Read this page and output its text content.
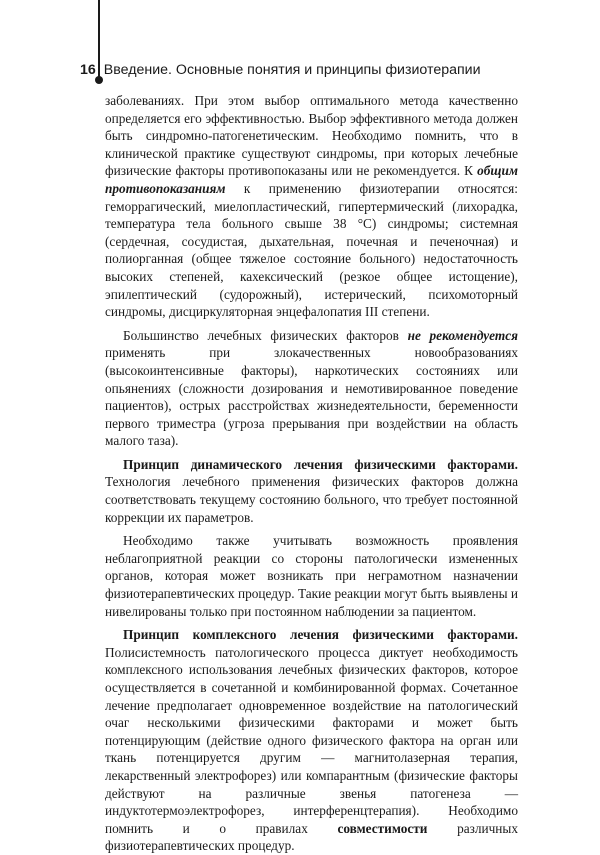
16 Введение. Основные понятия и принципы физиотерапии

заболеваниях. При этом выбор оптимального метода качественно определяется его эффективностью. Выбор эффективного метода должен быть синдромно-патогенетическим. Необходимо помнить, что в клинической практике существуют синдромы, при которых лечебные физические факторы противопоказаны или не рекомендуется. К общим противопоказаниям к применению физиотерапии относятся: геморрагический, миелопластический, гипертермический (лихорадка, температура тела больного свыше 38 °С) синдромы; системная (сердечная, сосудистая, дыхательная, почечная и печеночная) и полиорганная (общее тяжелое состояние больного) недостаточность высоких степеней, кахексический (резкое общее истощение), эпилептический (судорожный), истерический, психомоторный синдромы, дисциркуляторная энцефалопатия III степени.

Большинство лечебных физических факторов не рекомендуется применять при злокачественных новообразованиях (высокоинтенсивные факторы), наркотических состояниях или опьянениях (сложности дозирования и немотивированное поведение пациентов), острых расстройствах жизнедеятельности, беременности первого триместра (угроза прерывания при воздействии на область малого таза).

Принцип динамического лечения физическими факторами. Технология лечебного применения физических факторов должна соответствовать текущему состоянию больного, что требует постоянной коррекции их параметров.

Необходимо также учитывать возможность проявления неблагоприятной реакции со стороны патологически измененных органов, которая может возникать при неграмотном назначении физиотерапевтических процедур. Такие реакции могут быть выявлены и нивелированы только при постоянном наблюдении за пациентом.

Принцип комплексного лечения физическими факторами. Полисистемность патологического процесса диктует необходимость комплексного использования лечебных физических факторов, которое осуществляется в сочетанной и комбинированной формах. Сочетанное лечение предполагает одновременное воздействие на патологический очаг несколькими физическими факторами и может быть потенцирующим (действие одного физического фактора на орган или ткань потенцируется другим — магнитолазерная терапия, лекарственный электрофорез) или компарантным (физические факторы действуют на различные звенья патогенеза — индуктотермоэлектрофорез, интерференцтерапия). Необходимо помнить и о правилах совместимости различных физиотерапевтических процедур.
